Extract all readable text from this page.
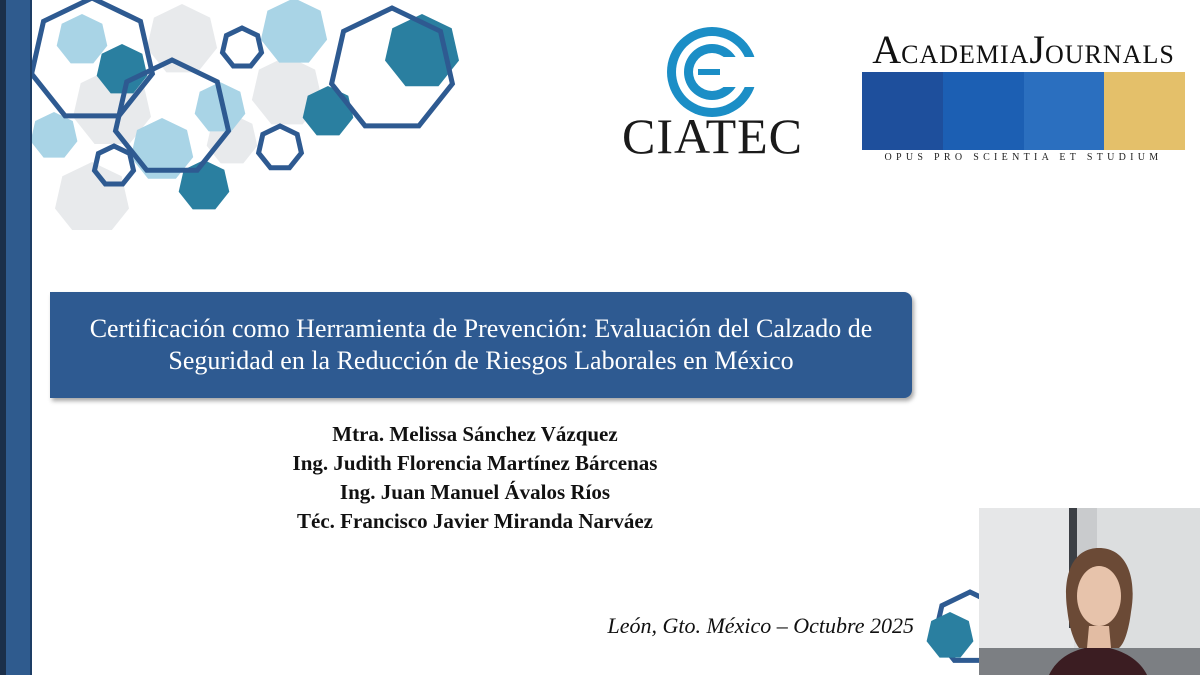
CIATEC
ACADEMIAJOURNALS
OPUS PRO SCIENTIA ET STUDIUM
Certificación como Herramienta de Prevención: Evaluación del Calzado de Seguridad en la Reducción de Riesgos Laborales en México
Mtra. Melissa Sánchez Vázquez
Ing. Judith Florencia Martínez Bárcenas
Ing. Juan Manuel Ávalos Ríos
Téc. Francisco Javier Miranda Narváez
León, Gto. México – Octubre 2025
